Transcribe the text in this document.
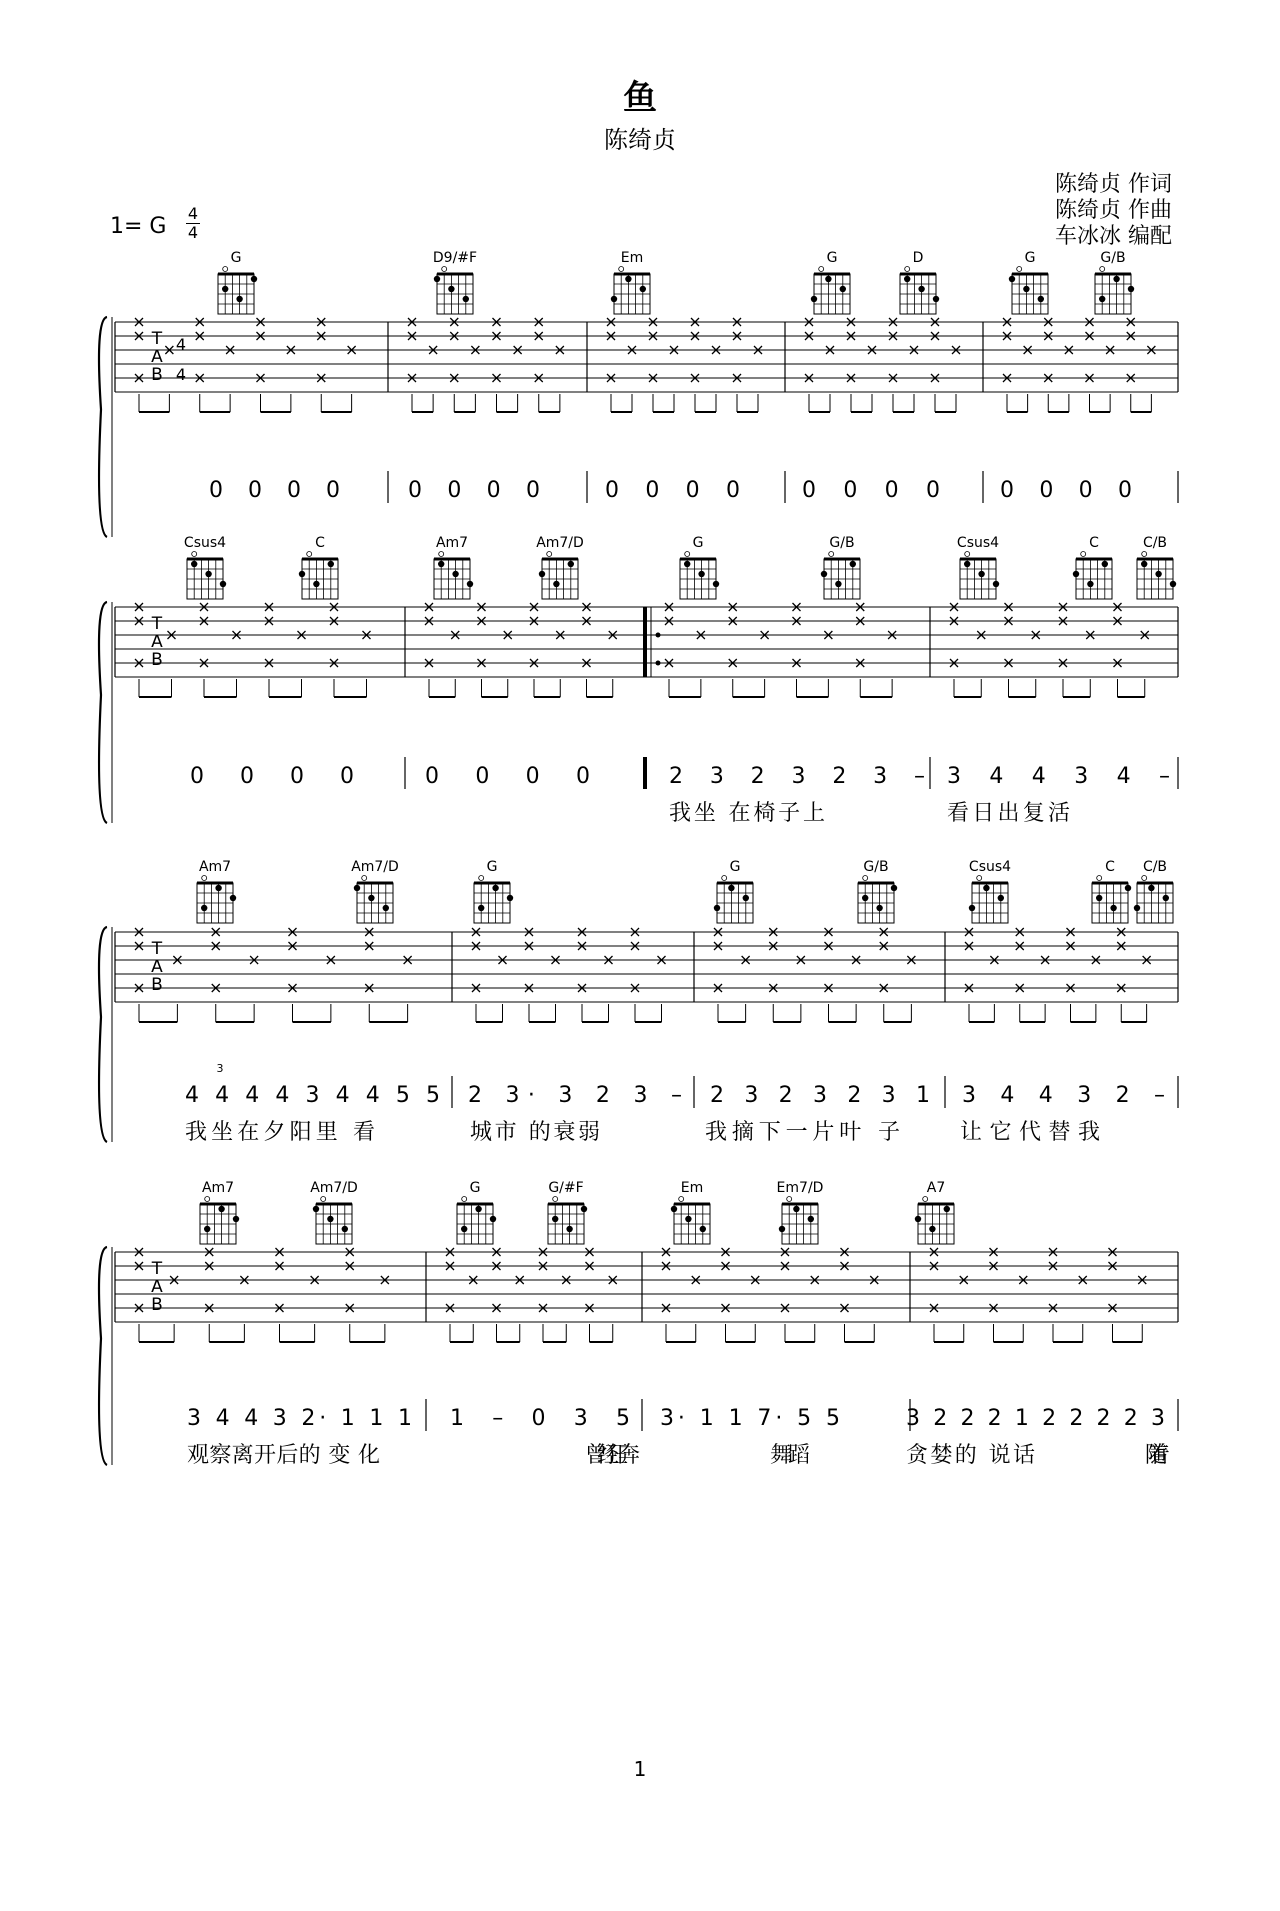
鱼
陈绮贞
陈绮贞 作词
陈绮贞 作曲
车冰冰 编配
1= G
4
4
T
A
B
4
4
G	D9/#F	Em	G	D	G	G/B
0 0 0 0	0 0 0 0	0 0 0 0	0 0 0 0	0 0 0 0
T
A
B
Csus4	C	Am7	Am7/D	G	G/B	Csus4	C	C/B
0 0 0 0	0 0 0 0	2 3 2 3 2 3 – 3 4 4 3 4 –
我坐 在椅子上	看日出复活
T
A
B
Am7	Am7/D	G	G	G/B	Csus4	C C/B
4 4 4 4 3 4 4 5 5 2 3· 3 2 3 – 2 3 2 3 2 3 1 3 4 4 3 2 –
3
我坐在夕阳里 看	城市 的衰弱	我摘下一片叶 子	让它代替我
T
A
B
Am7	Am7/D	G	G/#F	Em	Em7/D	A7
3 4 4 3 2· 1 1 1 1 – 0 3 5 3· 1 1 7· 5 5	3 2 2 2 1 2 2 2 2 3
观察离开后的 变 化	曾经 狂奔	舞蹈	贪婪的 说话	随着
1
